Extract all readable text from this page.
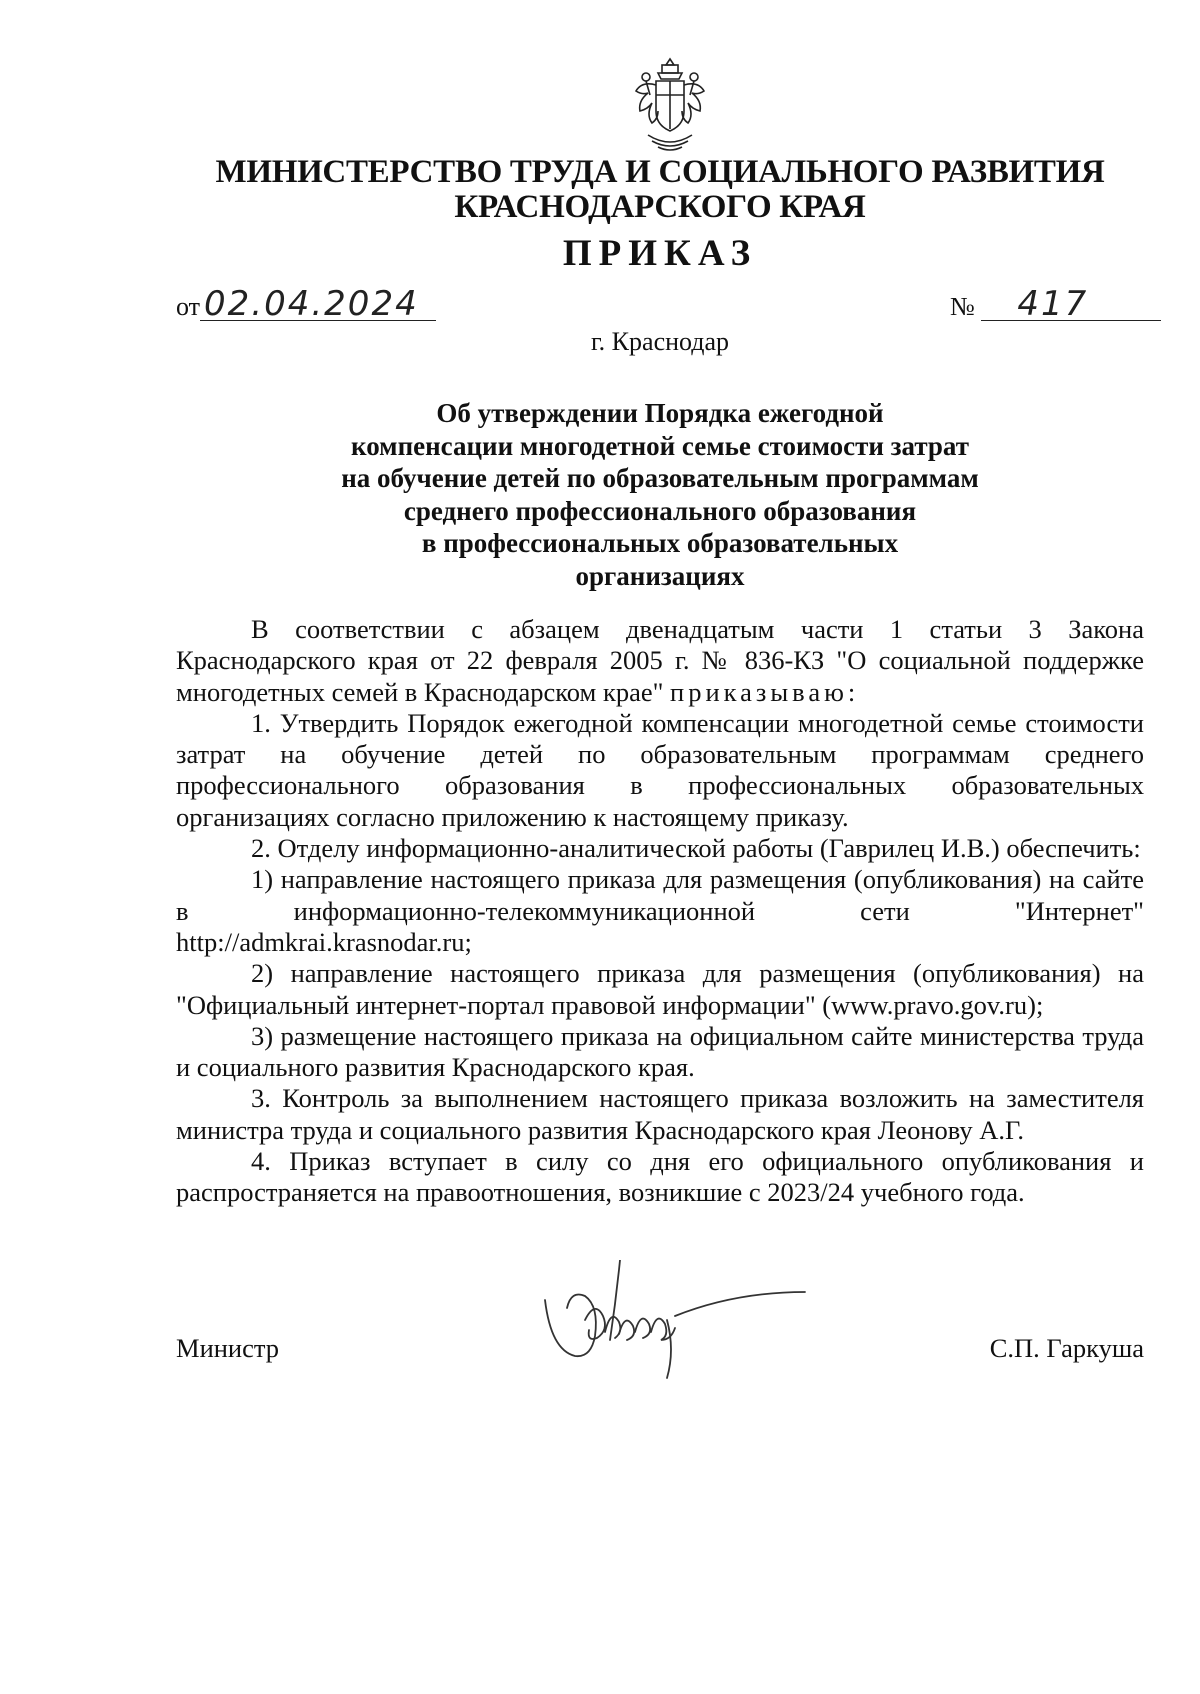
МИНИСТЕРСТВО ТРУДА И СОЦИАЛЬНОГО РАЗВИТИЯ
КРАСНОДАРСКОГО КРАЯ
ПРИКАЗ
от 02.04.2024	№ 417
г. Краснодар
Об утверждении Порядка ежегодной
компенсации многодетной семье стоимости затрат
на обучение детей по образовательным программам
среднего профессионального образования
в профессиональных образовательных
организациях

В соответствии с абзацем двенадцатым части 1 статьи 3 Закона Краснодарского края от 22 февраля 2005 г. № 836-КЗ "О социальной поддержке многодетных семей в Краснодарском крае" приказываю:

1. Утвердить Порядок ежегодной компенсации многодетной семье стоимости затрат на обучение детей по образовательным программам среднего профессионального образования в профессиональных образовательных организациях согласно приложению к настоящему приказу.

2. Отделу информационно-аналитической работы (Гаврилец И.В.) обеспечить:

1) направление настоящего приказа для размещения (опубликования) на сайте в информационно-телекоммуникационной сети "Интернет" http://admkrai.krasnodar.ru;

2) направление настоящего приказа для размещения (опубликования) на "Официальный интернет-портал правовой информации" (www.pravo.gov.ru);

3) размещение настоящего приказа на официальном сайте министерства труда и социального развития Краснодарского края.

3. Контроль за выполнением настоящего приказа возложить на заместителя министра труда и социального развития Краснодарского края Леонову А.Г.

4. Приказ вступает в силу со дня его официального опубликования и распространяется на правоотношения, возникшие с 2023/24 учебного года.

Министр	С.П. Гаркуша
